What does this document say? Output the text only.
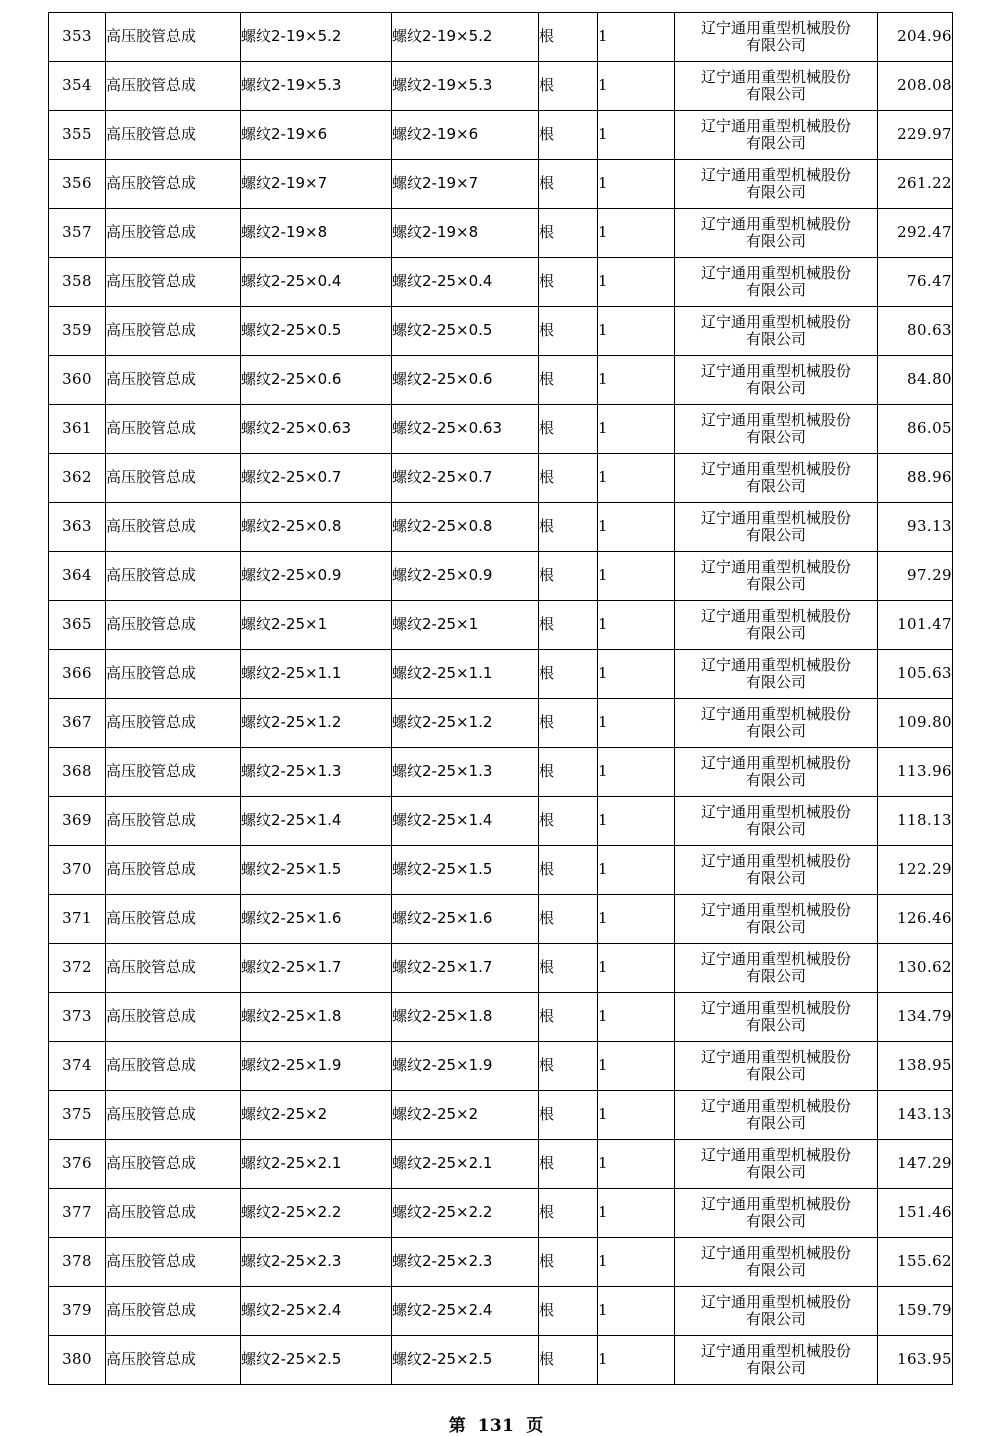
353	高压胶管总成	螺纹2-19×5.2	螺纹2-19×5.2	根	1	辽宁通用重型机械股份
有限公司	204.96
354	高压胶管总成	螺纹2-19×5.3	螺纹2-19×5.3	根	1	辽宁通用重型机械股份
有限公司	208.08
355	高压胶管总成	螺纹2-19×6	螺纹2-19×6	根	1	辽宁通用重型机械股份
有限公司	229.97
356	高压胶管总成	螺纹2-19×7	螺纹2-19×7	根	1	辽宁通用重型机械股份
有限公司	261.22
357	高压胶管总成	螺纹2-19×8	螺纹2-19×8	根	1	辽宁通用重型机械股份
有限公司	292.47
358	高压胶管总成	螺纹2-25×0.4	螺纹2-25×0.4	根	1	辽宁通用重型机械股份
有限公司	76.47
359	高压胶管总成	螺纹2-25×0.5	螺纹2-25×0.5	根	1	辽宁通用重型机械股份
有限公司	80.63
360	高压胶管总成	螺纹2-25×0.6	螺纹2-25×0.6	根	1	辽宁通用重型机械股份
有限公司	84.80
361	高压胶管总成	螺纹2-25×0.63	螺纹2-25×0.63	根	1	辽宁通用重型机械股份
有限公司	86.05
362	高压胶管总成	螺纹2-25×0.7	螺纹2-25×0.7	根	1	辽宁通用重型机械股份
有限公司	88.96
363	高压胶管总成	螺纹2-25×0.8	螺纹2-25×0.8	根	1	辽宁通用重型机械股份
有限公司	93.13
364	高压胶管总成	螺纹2-25×0.9	螺纹2-25×0.9	根	1	辽宁通用重型机械股份
有限公司	97.29
365	高压胶管总成	螺纹2-25×1	螺纹2-25×1	根	1	辽宁通用重型机械股份
有限公司	101.47
366	高压胶管总成	螺纹2-25×1.1	螺纹2-25×1.1	根	1	辽宁通用重型机械股份
有限公司	105.63
367	高压胶管总成	螺纹2-25×1.2	螺纹2-25×1.2	根	1	辽宁通用重型机械股份
有限公司	109.80
368	高压胶管总成	螺纹2-25×1.3	螺纹2-25×1.3	根	1	辽宁通用重型机械股份
有限公司	113.96
369	高压胶管总成	螺纹2-25×1.4	螺纹2-25×1.4	根	1	辽宁通用重型机械股份
有限公司	118.13
370	高压胶管总成	螺纹2-25×1.5	螺纹2-25×1.5	根	1	辽宁通用重型机械股份
有限公司	122.29
371	高压胶管总成	螺纹2-25×1.6	螺纹2-25×1.6	根	1	辽宁通用重型机械股份
有限公司	126.46
372	高压胶管总成	螺纹2-25×1.7	螺纹2-25×1.7	根	1	辽宁通用重型机械股份
有限公司	130.62
373	高压胶管总成	螺纹2-25×1.8	螺纹2-25×1.8	根	1	辽宁通用重型机械股份
有限公司	134.79
374	高压胶管总成	螺纹2-25×1.9	螺纹2-25×1.9	根	1	辽宁通用重型机械股份
有限公司	138.95
375	高压胶管总成	螺纹2-25×2	螺纹2-25×2	根	1	辽宁通用重型机械股份
有限公司	143.13
376	高压胶管总成	螺纹2-25×2.1	螺纹2-25×2.1	根	1	辽宁通用重型机械股份
有限公司	147.29
377	高压胶管总成	螺纹2-25×2.2	螺纹2-25×2.2	根	1	辽宁通用重型机械股份
有限公司	151.46
378	高压胶管总成	螺纹2-25×2.3	螺纹2-25×2.3	根	1	辽宁通用重型机械股份
有限公司	155.62
379	高压胶管总成	螺纹2-25×2.4	螺纹2-25×2.4	根	1	辽宁通用重型机械股份
有限公司	159.79
380	高压胶管总成	螺纹2-25×2.5	螺纹2-25×2.5	根	1	辽宁通用重型机械股份
有限公司	163.95
第 131 页
